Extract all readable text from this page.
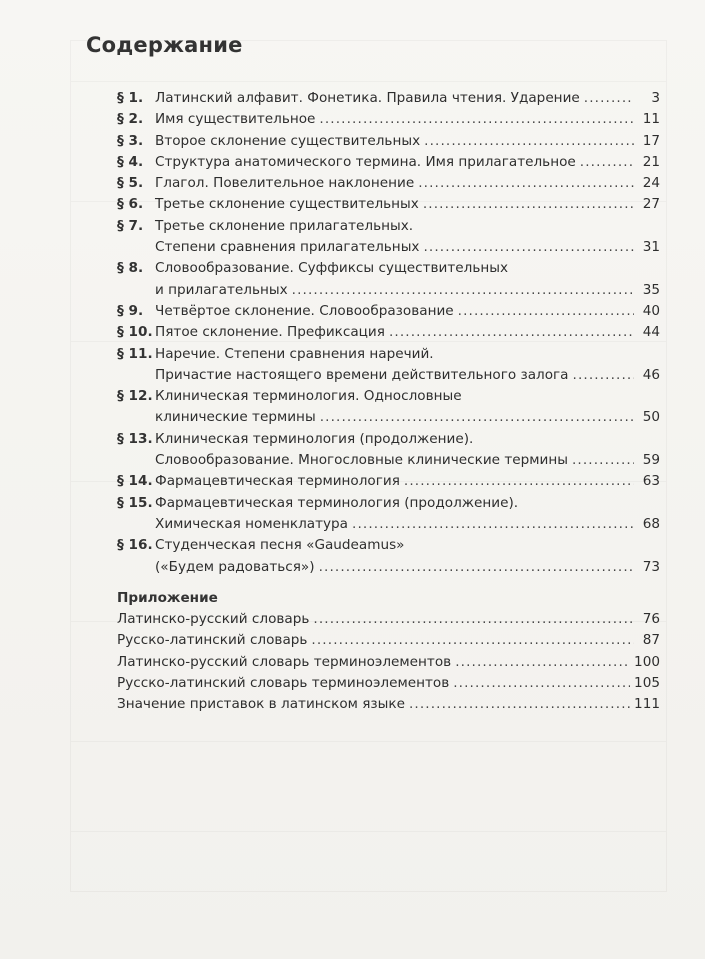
Содержание
§ 1. Латинский алфавит. Фонетика. Правила чтения. Ударение . . .	3
§ 2. Имя существительное . . .	11
§ 3. Второе склонение существительных . . .	17
§ 4. Структура анатомического термина. Имя прилагательное . . .	21
§ 5. Глагол. Повелительное наклонение . . .	24
§ 6. Третье склонение существительных . . .	27
§ 7. Третье склонение прилагательных.
Степени сравнения прилагательных . . .	31
§ 8. Словообразование. Суффиксы существительных
и прилагательных . . .	35
§ 9. Четвёртое склонение. Словообразование . . .	40
§ 10. Пятое склонение. Префиксация . . .	44
§ 11. Наречие. Степени сравнения наречий.
Причастие настоящего времени действительного залога . . .	46
§ 12. Клиническая терминология. Однословные
клинические термины . . .	50
§ 13. Клиническая терминология (продолжение).
Словообразование. Многословные клинические термины . . .	59
§ 14. Фармацевтическая терминология . . .	63
§ 15. Фармацевтическая терминология (продолжение).
Химическая номенклатура . . .	68
§ 16. Студенческая песня «Gaudeamus»
(«Будем радоваться») . . .	73
Приложение
Латинско-русский словарь . . .	76
Русско-латинский словарь . . .	87
Латинско-русский словарь терминоэлементов . . .	100
Русско-латинский словарь терминоэлементов . . .	105
Значение приставок в латинском языке . . .	111
